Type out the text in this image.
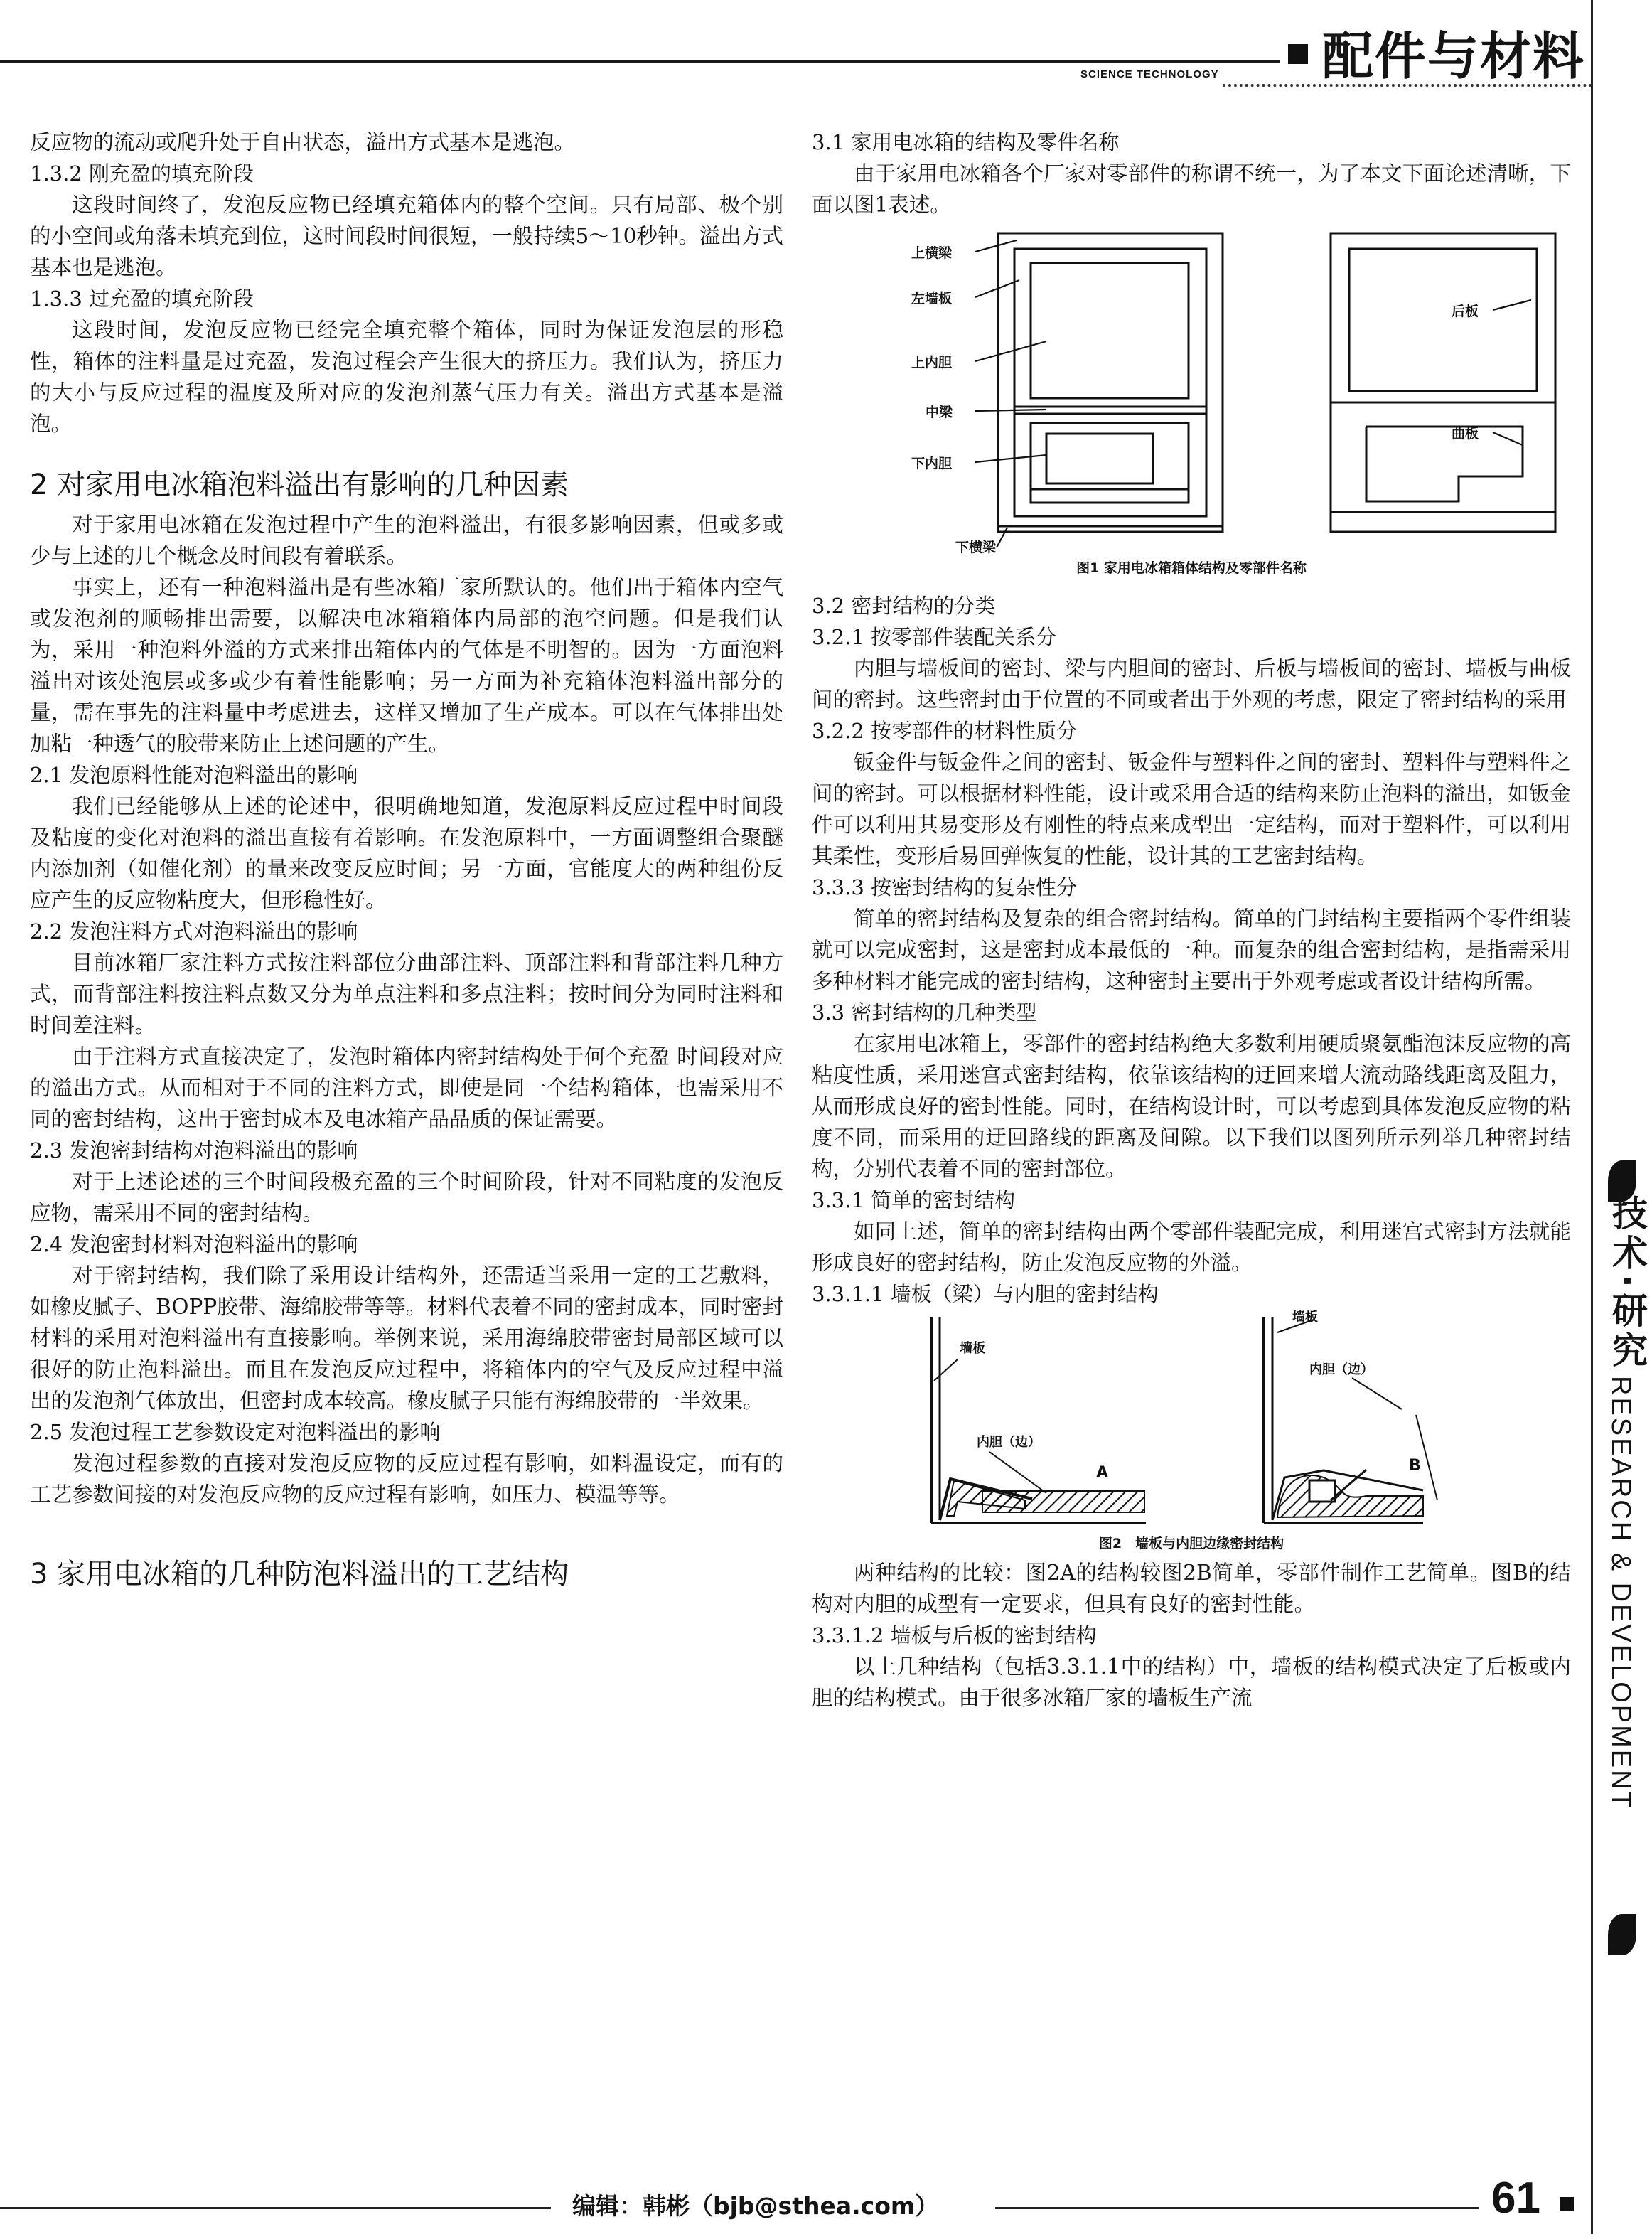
SCIENCE TECHNOLOGY 配件与材料

反应物的流动或爬升处于自由状态，溢出方式基本是逃泡。

1.3.2 刚充盈的填充阶段

这段时间终了，发泡反应物已经填充箱体内的整个空间。只有局部、极个别的小空间或角落未填充到位，这时间段时间很短，一般持续5～10秒钟。溢出方式基本也是逃泡。

1.3.3 过充盈的填充阶段

这段时间，发泡反应物已经完全填充整个箱体，同时为保证发泡层的形稳性，箱体的注料量是过充盈，发泡过程会产生很大的挤压力。我们认为，挤压力的大小与反应过程的温度及所对应的发泡剂蒸气压力有关。溢出方式基本是溢泡。

2 对家用电冰箱泡料溢出有影响的几种因素

对于家用电冰箱在发泡过程中产生的泡料溢出，有很多影响因素，但或多或少与上述的几个概念及时间段有着联系。

事实上，还有一种泡料溢出是有些冰箱厂家所默认的。他们出于箱体内空气或发泡剂的顺畅排出需要，以解决电冰箱箱体内局部的泡空问题。但是我们认为，采用一种泡料外溢的方式来排出箱体内的气体是不明智的。因为一方面泡料溢出对该处泡层或多或少有着性能影响；另一方面为补充箱体泡料溢出部分的量，需在事先的注料量中考虑进去，这样又增加了生产成本。可以在气体排出处加粘一种透气的胶带来防止上述问题的产生。

2.1 发泡原料性能对泡料溢出的影响

我们已经能够从上述的论述中，很明确地知道，发泡原料反应过程中时间段及粘度的变化对泡料的溢出直接有着影响。在发泡原料中，一方面调整组合聚醚内添加剂（如催化剂）的量来改变反应时间；另一方面，官能度大的两种组份反应产生的反应物粘度大，但形稳性好。

2.2 发泡注料方式对泡料溢出的影响

目前冰箱厂家注料方式按注料部位分曲部注料、顶部注料和背部注料几种方式，而背部注料按注料点数又分为单点注料和多点注料；按时间分为同时注料和时间差注料。

由于注料方式直接决定了，发泡时箱体内密封结构处于何个充盈 时间段对应的溢出方式。从而相对于不同的注料方式，即使是同一个结构箱体，也需采用不同的密封结构，这出于密封成本及电冰箱产品品质的保证需要。

2.3 发泡密封结构对泡料溢出的影响

对于上述论述的三个时间段极充盈的三个时间阶段，针对不同粘度的发泡反应物，需采用不同的密封结构。

2.4 发泡密封材料对泡料溢出的影响

对于密封结构，我们除了采用设计结构外，还需适当采用一定的工艺敷料，如橡皮腻子、BOPP胶带、海绵胶带等等。材料代表着不同的密封成本，同时密封材料的采用对泡料溢出有直接影响。举例来说，采用海绵胶带密封局部区域可以很好的防止泡料溢出。而且在发泡反应过程中，将箱体内的空气及反应过程中溢出的发泡剂气体放出，但密封成本较高。橡皮腻子只能有海绵胶带的一半效果。

2.5 发泡过程工艺参数设定对泡料溢出的影响

发泡过程参数的直接对发泡反应物的反应过程有影响，如料温设定，而有的工艺参数间接的对发泡反应物的反应过程有影响，如压力、模温等等。

3 家用电冰箱的几种防泡料溢出的工艺结构

3.1 家用电冰箱的结构及零件名称

由于家用电冰箱各个厂家对零部件的称谓不统一，为了本文下面论述清晰，下面以图1表述。

上横梁
左墙板
上内胆
中梁
下内胆
下横梁
后板
曲板
图1 家用电冰箱箱体结构及零部件名称

3.2 密封结构的分类

3.2.1 按零部件装配关系分

内胆与墙板间的密封、梁与内胆间的密封、后板与墙板间的密封、墙板与曲板间的密封。这些密封由于位置的不同或者出于外观的考虑，限定了密封结构的采用

3.2.2 按零部件的材料性质分

钣金件与钣金件之间的密封、钣金件与塑料件之间的密封、塑料件与塑料件之间的密封。可以根据材料性能，设计或采用合适的结构来防止泡料的溢出，如钣金件可以利用其易变形及有刚性的特点来成型出一定结构，而对于塑料件，可以利用其柔性，变形后易回弹恢复的性能，设计其的工艺密封结构。

3.3.3 按密封结构的复杂性分

简单的密封结构及复杂的组合密封结构。简单的门封结构主要指两个零件组装就可以完成密封，这是密封成本最低的一种。而复杂的组合密封结构，是指需采用多种材料才能完成的密封结构，这种密封主要出于外观考虑或者设计结构所需。

3.3 密封结构的几种类型

在家用电冰箱上，零部件的密封结构绝大多数利用硬质聚氨酯泡沫反应物的高粘度性质，采用迷宫式密封结构，依靠该结构的迂回来增大流动路线距离及阻力，从而形成良好的密封性能。同时，在结构设计时，可以考虑到具体发泡反应物的粘度不同，而采用的迂回路线的距离及间隙。以下我们以图列所示列举几种密封结构，分别代表着不同的密封部位。

3.3.1 简单的密封结构

如同上述，简单的密封结构由两个零部件装配完成，利用迷宫式密封方法就能形成良好的密封结构，防止发泡反应物的外溢。

3.3.1.1 墙板（梁）与内胆的密封结构

墙板
内胆（边）
A
墙板
内胆（边）
B
图2　墙板与内胆边缘密封结构

两种结构的比较：图2A的结构较图2B简单，零部件制作工艺简单。图B的结构对内胆的成型有一定要求，但具有良好的密封性能。

3.3.1.2 墙板与后板的密封结构

以上几种结构（包括3.3.1.1中的结构）中，墙板的结构模式决定了后板或内胆的结构模式。由于很多冰箱厂家的墙板生产流

技术·研究
RESEARCH & DEVELOPMENT
编辑：韩彬（bjb@sthea.com）	61
